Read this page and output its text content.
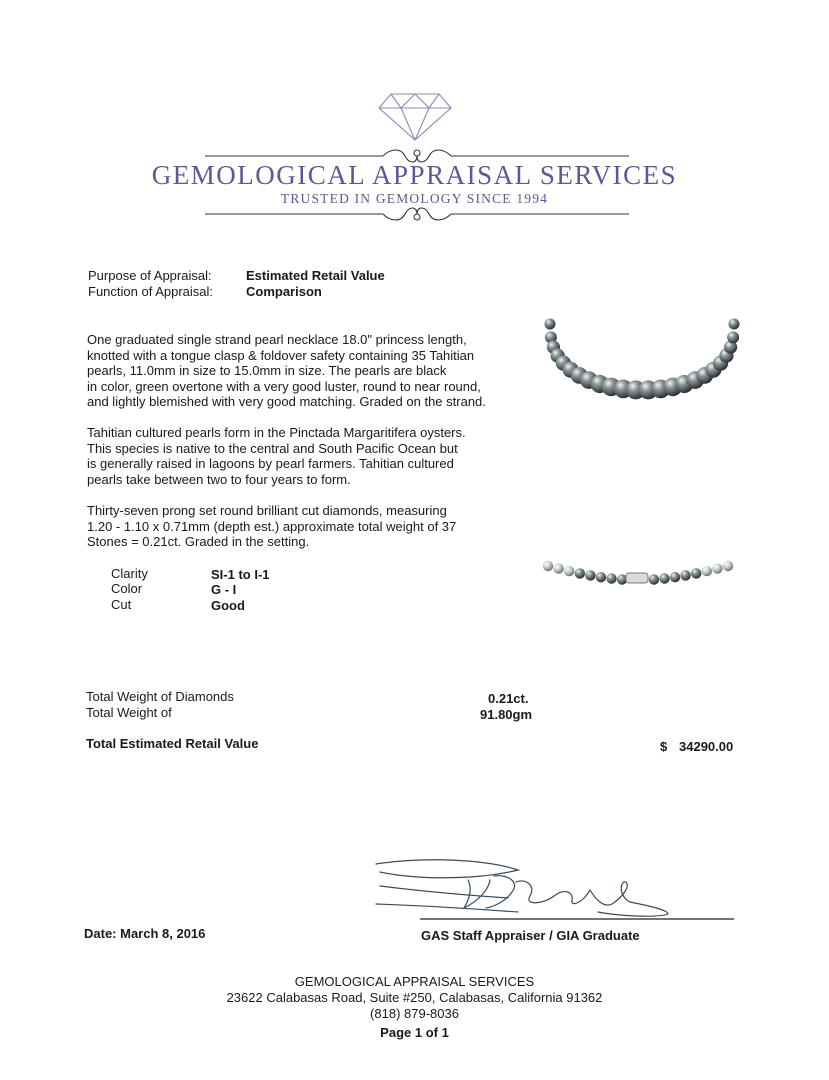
GEMOLOGICAL APPRAISAL SERVICES
TRUSTED IN GEMOLOGY SINCE 1994
Purpose of Appraisal:	Estimated Retail Value
Function of Appraisal:	Comparison
One graduated single strand pearl necklace 18.0" princess length,
knotted with a tongue clasp & foldover safety containing 35 Tahitian
pearls, 11.0mm in size to 15.0mm in size. The pearls are black
in color, green overtone with a very good luster, round to near round,
and lightly blemished with very good matching. Graded on the strand.
Tahitian cultured pearls form in the Pinctada Margaritifera oysters.
This species is native to the central and South Pacific Ocean but
is generally raised in lagoons by pearl farmers. Tahitian cultured
pearls take between two to four years to form.
Thirty-seven prong set round brilliant cut diamonds, measuring
1.20 - 1.10 x 0.71mm (depth est.) approximate total weight of 37
Stones = 0.21ct. Graded in the setting.
Clarity	SI-1 to I-1
Color	G - I
Cut	Good
Total Weight of Diamonds	0.21ct.
Total Weight of	91.80gm
Total Estimated Retail Value	$ 34290.00
Date: March 8, 2016	GAS Staff Appraiser / GIA Graduate
GEMOLOGICAL APPRAISAL SERVICES
23622 Calabasas Road, Suite #250, Calabasas, California 91362
(818) 879-8036
Page 1 of 1
